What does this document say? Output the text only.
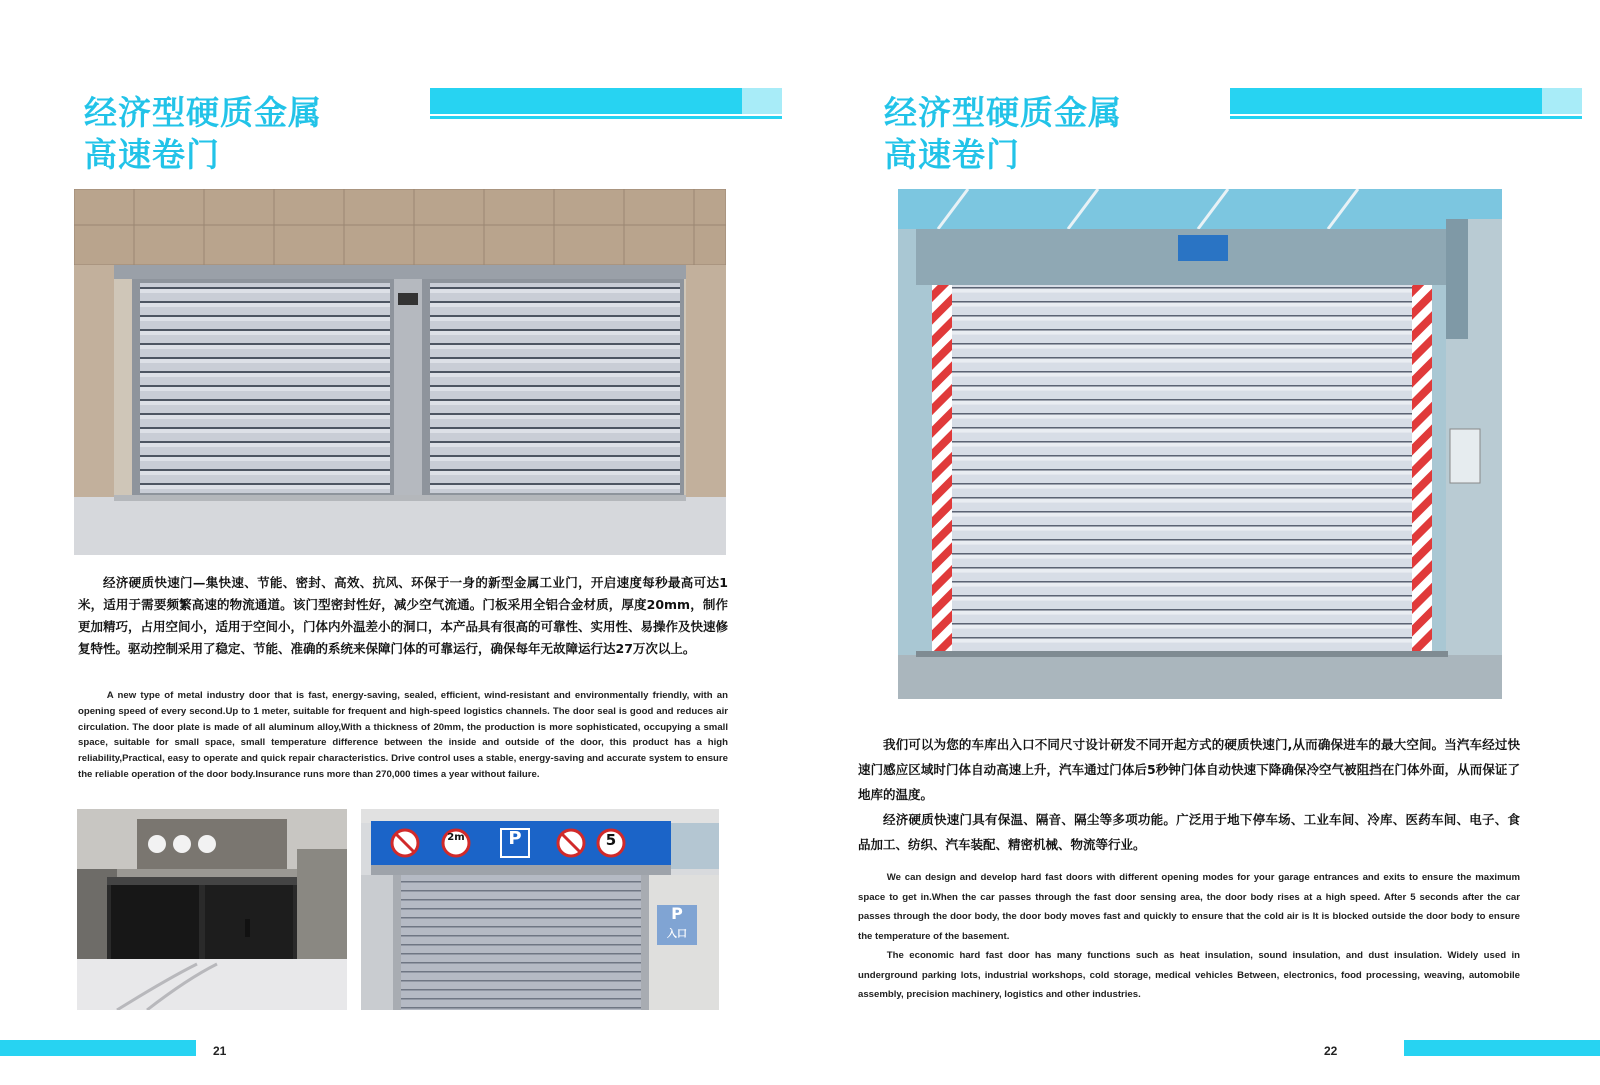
经济型硬质金属
高速卷门

经济硬质快速门—集快速、节能、密封、高效、抗风、环保于一身的新型金属工业门，开启速度每秒最高可达1米，适用于需要频繁高速的物流通道。该门型密封性好，减少空气流通。门板采用全铝合金材质，厚度20mm，制作更加精巧，占用空间小，适用于空间小，门体内外温差小的洞口，本产品具有很高的可靠性、实用性、易操作及快速修复特性。驱动控制采用了稳定、节能、准确的系统来保障门体的可靠运行，确保每年无故障运行达27万次以上。

A new type of metal industry door that is fast, energy-saving, sealed, efficient, wind-resistant and environmentally friendly, with an opening speed of every second.Up to 1 meter, suitable for frequent and high-speed logistics channels. The door seal is good and reduces air circulation. The door plate is made of all aluminum alloy,With a thickness of 20mm, the production is more sophisticated, occupying a small space, suitable for small space, small temperature difference between the inside and outside of the door, this product has a high reliability,Practical, easy to operate and quick repair characteristics. Drive control uses a stable, energy-saving and accurate system to ensure the reliable operation of the door body.Insurance runs more than 270,000 times a year without failure.

2m	P	5
P
入口
21
经济型硬质金属
高速卷门

我们可以为您的车库出入口不同尺寸设计研发不同开起方式的硬质快速门,从而确保进车的最大空间。当汽车经过快速门感应区域时门体自动高速上升，汽车通过门体后5秒钟门体自动快速下降确保冷空气被阻挡在门体外面，从而保证了地库的温度。

经济硬质快速门具有保温、隔音、隔尘等多项功能。广泛用于地下停车场、工业车间、冷库、医药车间、电子、食品加工、纺织、汽车装配、精密机械、物流等行业。

We can design and develop hard fast doors with different opening modes for your garage entrances and exits to ensure the maximum space to get in.When the car passes through the fast door sensing area, the door body rises at a high speed. After 5 seconds after the car passes through the door body, the door body moves fast and quickly to ensure that the cold air is It is blocked outside the door body to ensure the temperature of the basement.

The economic hard fast door has many functions such as heat insulation, sound insulation, and dust insulation. Widely used in underground parking lots, industrial workshops, cold storage, medical vehicles Between, electronics, food processing, weaving, automobile assembly, precision machinery, logistics and other industries.

22
